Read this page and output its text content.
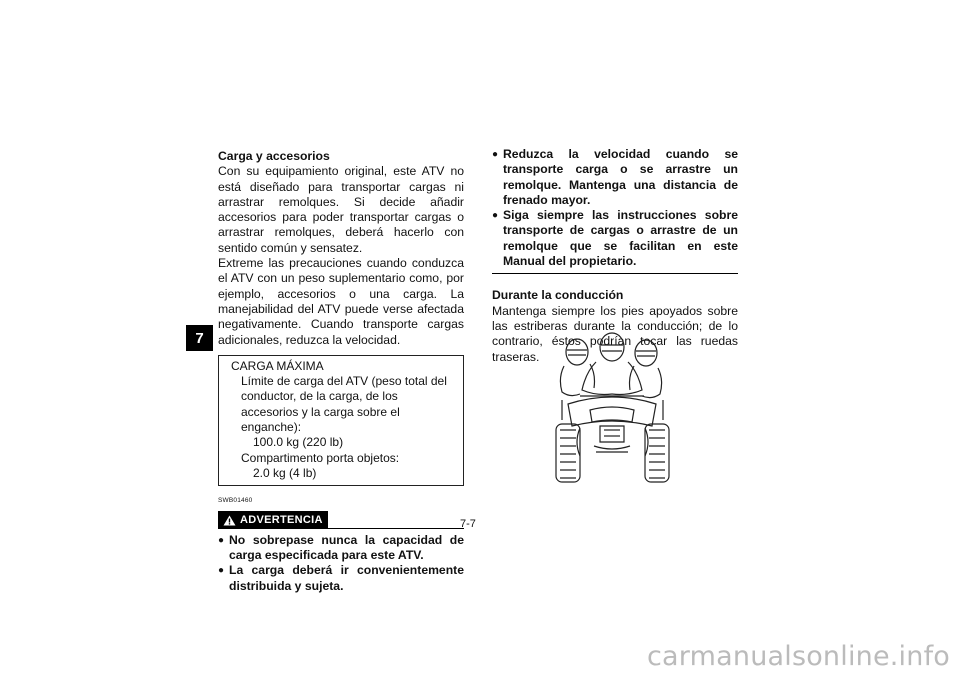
7

Carga y accesorios

Con su equipamiento original, este ATV no está diseñado para transportar cargas ni arrastrar remolques. Si decide añadir accesorios para poder transportar cargas o arrastrar remolques, deberá hacerlo con sentido común y sensatez.

Extreme las precauciones cuando conduzca el ATV con un peso suplementario como, por ejemplo, accesorios o una carga. La manejabilidad del ATV puede verse afectada negativamente. Cuando transporte cargas adicionales, reduzca la velocidad.

CARGA MÁXIMA
Límite de carga del ATV (peso total del conductor, de la carga, de los accesorios y la carga sobre el enganche):
100.0 kg (220 lb)
Compartimento porta objetos:
2.0 kg (4 lb)
SWB01460
ADVERTENCIA
● No sobrepase nunca la capacidad de carga especificada para este ATV.
● La carga deberá ir convenientemente distribuida y sujeta.
● Reduzca la velocidad cuando se transporte carga o se arrastre un remolque. Mantenga una distancia de frenado mayor.
● Siga siempre las instrucciones sobre transporte de cargas o arrastre de un remolque que se facilitan en este Manual del propietario.

Durante la conducción

Mantenga siempre los pies apoyados sobre las estriberas durante la conducción; de lo contrario, éstos podrían tocar las ruedas traseras.

7-7
carmanualsonline.info
